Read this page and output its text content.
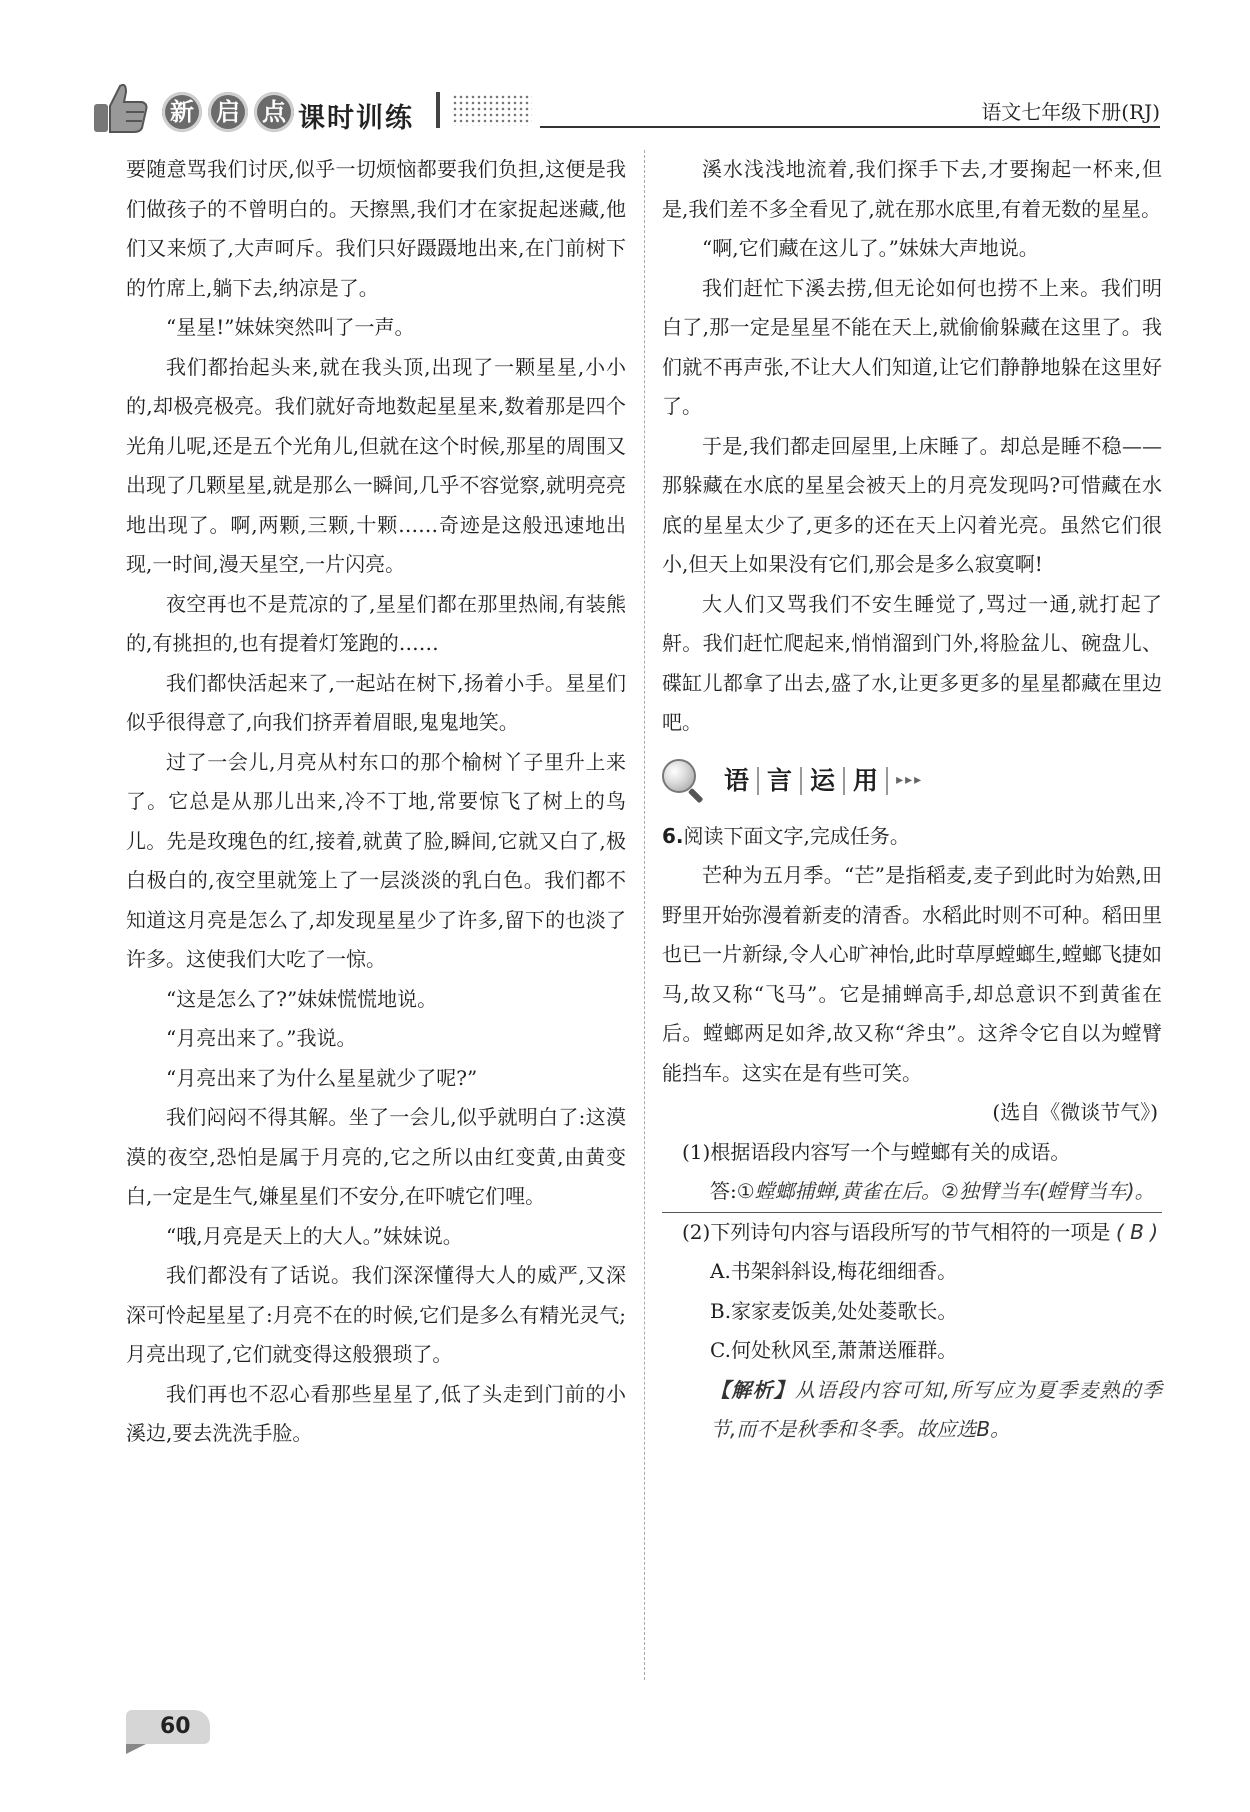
新 启 点 课时训练	语文七年级下册(RJ)

要随意骂我们讨厌,似乎一切烦恼都要我们负担,这便是我们做孩子的不曾明白的。天擦黑,我们才在家捉起迷藏,他们又来烦了,大声呵斥。我们只好蹑蹑地出来,在门前树下的竹席上,躺下去,纳凉是了。

“星星!”妹妹突然叫了一声。

我们都抬起头来,就在我头顶,出现了一颗星星,小小的,却极亮极亮。我们就好奇地数起星星来,数着那是四个光角儿呢,还是五个光角儿,但就在这个时候,那星的周围又出现了几颗星星,就是那么一瞬间,几乎不容觉察,就明亮亮地出现了。啊,两颗,三颗,十颗……奇迹是这般迅速地出现,一时间,漫天星空,一片闪亮。

夜空再也不是荒凉的了,星星们都在那里热闹,有装熊的,有挑担的,也有提着灯笼跑的……

我们都快活起来了,一起站在树下,扬着小手。星星们似乎很得意了,向我们挤弄着眉眼,鬼鬼地笑。

过了一会儿,月亮从村东口的那个榆树丫子里升上来了。它总是从那儿出来,冷不丁地,常要惊飞了树上的鸟儿。先是玫瑰色的红,接着,就黄了脸,瞬间,它就又白了,极白极白的,夜空里就笼上了一层淡淡的乳白色。我们都不知道这月亮是怎么了,却发现星星少了许多,留下的也淡了许多。这使我们大吃了一惊。

“这是怎么了?”妹妹慌慌地说。

“月亮出来了。”我说。

“月亮出来了为什么星星就少了呢?”

我们闷闷不得其解。坐了一会儿,似乎就明白了:这漠漠的夜空,恐怕是属于月亮的,它之所以由红变黄,由黄变白,一定是生气,嫌星星们不安分,在吓唬它们哩。

“哦,月亮是天上的大人。”妹妹说。

我们都没有了话说。我们深深懂得大人的威严,又深深可怜起星星了:月亮不在的时候,它们是多么有精光灵气;月亮出现了,它们就变得这般猥琐了。

我们再也不忍心看那些星星了,低了头走到门前的小溪边,要去洗洗手脸。

溪水浅浅地流着,我们探手下去,才要掬起一杯来,但是,我们差不多全看见了,就在那水底里,有着无数的星星。

“啊,它们藏在这儿了。”妹妹大声地说。

我们赶忙下溪去捞,但无论如何也捞不上来。我们明白了,那一定是星星不能在天上,就偷偷躲藏在这里了。我们就不再声张,不让大人们知道,让它们静静地躲在这里好了。

于是,我们都走回屋里,上床睡了。却总是睡不稳——那躲藏在水底的星星会被天上的月亮发现吗?可惜藏在水底的星星太少了,更多的还在天上闪着光亮。虽然它们很小,但天上如果没有它们,那会是多么寂寞啊!

大人们又骂我们不安生睡觉了,骂过一通,就打起了鼾。我们赶忙爬起来,悄悄溜到门外,将脸盆儿、碗盘儿、碟缸儿都拿了出去,盛了水,让更多更多的星星都藏在里边吧。

语 言 运 用	▸▸▸

6.阅读下面文字,完成任务。

芒种为五月季。“芒”是指稻麦,麦子到此时为始熟,田野里开始弥漫着新麦的清香。水稻此时则不可种。稻田里也已一片新绿,令人心旷神怡,此时草厚螳螂生,螳螂飞捷如马,故又称“飞马”。它是捕蝉高手,却总意识不到黄雀在后。螳螂两足如斧,故又称“斧虫”。这斧令它自以为螳臂能挡车。这实在是有些可笑。

(选自《微谈节气》)

(1)根据语段内容写一个与螳螂有关的成语。

答:①螳螂捕蝉,黄雀在后。②独臂当车(螳臂当车)。

(2)下列诗句内容与语段所写的节气相符的一项是 ( B )

A.书架斜斜设,梅花细细香。

B.家家麦饭美,处处菱歌长。

C.何处秋风至,萧萧送雁群。

【解析】从语段内容可知,所写应为夏季麦熟的季节,而不是秋季和冬季。故应选B。

60
